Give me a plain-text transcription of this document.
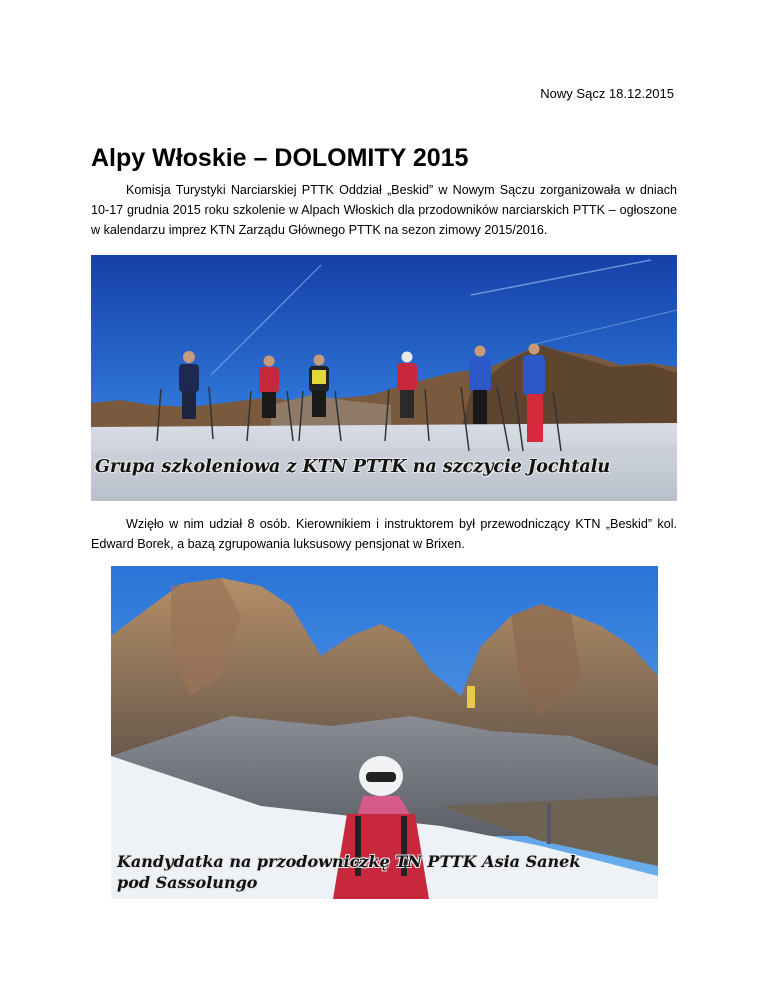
Nowy Sącz 18.12.2015
Alpy Włoskie – DOLOMITY 2015

Komisja Turystyki Narciarskiej PTTK Oddział „Beskid” w Nowym Sączu zorganizowała w dniach 10-17 grudnia 2015 roku szkolenie w Alpach Włoskich dla przodowników narciarskich PTTK – ogłoszone w kalendarzu imprez KTN Zarządu Głównego PTTK na sezon zimowy 2015/2016.

Grupa szkoleniowa z KTN PTTK na szczycie Jochtalu

Wzięło w nim udział 8 osób. Kierownikiem i instruktorem był przewodniczący KTN „Beskid” kol. Edward Borek, a bazą zgrupowania luksusowy pensjonat w Brixen.

Kandydatka na przodowniczkę TN PTTK Asia Sanek
pod Sassolungo
